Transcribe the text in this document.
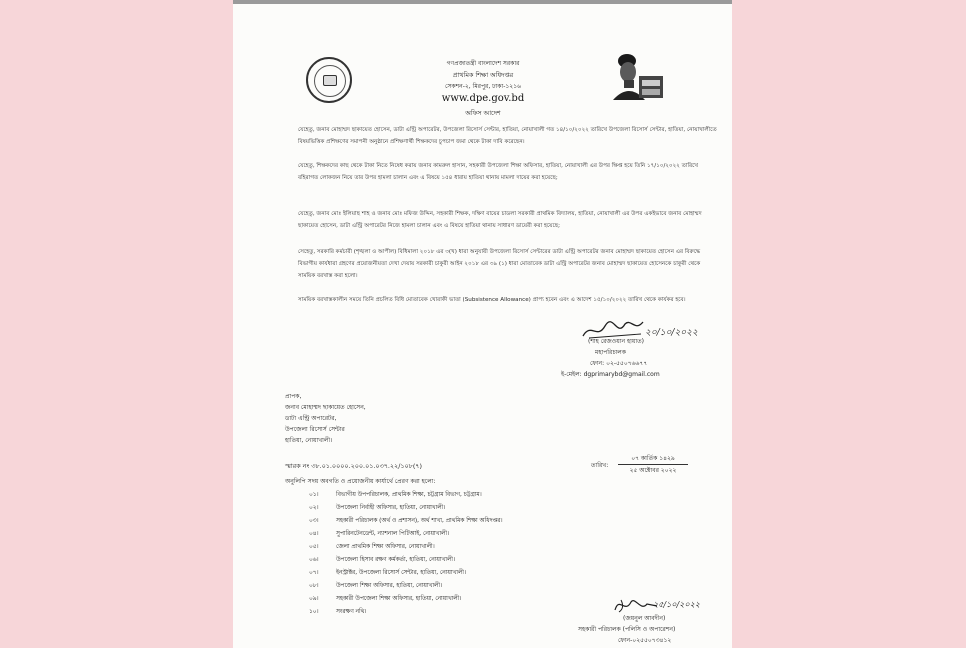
গণপ্রজাতন্ত্রী বাংলাদেশ সরকার
প্রাথমিক শিক্ষা অধিদপ্তর
সেকশন-২, মিরপুর, ঢাকা-১২১৬
www.dpe.gov.bd
অফিস আদেশ
যেহেতু, জনাব মোহাম্মদ ছাকায়েত হোসেন, ডাটা এন্ট্রি অপারেটর, উপজেলা রিসোর্স সেন্টার, হাতিয়া, নোয়াখালী গত ১৪/১০/২০২২ তারিখে উপজেলা রিসোর্স সেন্টার, হাতিয়া, নোয়াখালীতে বিষয়ভিত্তিক প্রশিক্ষণের সমাপনী অনুষ্ঠানে প্রশিক্ষণার্থী শিক্ষকদের চুপচাপ জমা থেকে টাকা দাবি করেছেন।
যেহেতু, শিক্ষকদের কাছ থেকে টাকা নিতে নিষেধ করায় জনাব কামরুল হাসান, সহকারী উপজেলা শিক্ষা অফিসার, হাতিয়া, নোয়াখালী এর উপর ক্ষিপ্ত হয়ে তিনি ১৭/১০/২০২২ তারিখে বহিরাগত লোকজন নিয়ে তার উপর হামলা চালান এবং এ বিষয়ে ১৫৪ ধারায় হাতিয়া থানায় মামলা দায়ের করা হয়েছে;
যেহেতু, জনাব মোঃ ইলিয়াছ শাহ ও জনাব মোঃ মফিজ উদ্দিন, সহকারী শিক্ষক, দক্ষিণ বায়ের চাডলা সরকারী প্রাথমিক বিদ্যালয়, হাতিয়া, নোয়াখালী এর উপর একইভাবে জনাব মোহাম্মদ ছাকায়েত হোসেন, ডাটা এন্ট্রি অপারেটর নিজে হামলা চালান এবং এ বিষয়ে হাতিয়া থানায় সাধারণ ডায়েরী করা হয়েছে;
সেহেতু, সরকারি কর্মচারী (শৃঙ্খলা ও আপীল) বিধিমালা ২০১৮ এর ৩(খ) ধারা অনুযায়ী উপজেলা রিসোর্স সেন্টারের ডাটা এন্ট্রি অপারেটর জনাব মোহাম্মদ ছাকায়েত হোসেন এর বিরুদ্ধে বিভাগীয় কার্যধারা গ্রহণের প্রয়োজনীয়তা দেখা দেয়ায় সরকারী চাকুরী আইন ২০১৮ এর ৩৯ (১) ধারা মোতাবেক ডাটা এন্ট্রি অপারেটর জনাব মোহাম্মদ ছাকায়েত হোসেনকে চাকুরী থেকে সাময়িক বরখাস্ত করা হলো।
সাময়িক বরখাস্তকালীন সময়ে তিনি প্রচলিত বিধি মোতাবেক খোরাকী ভাতা (Subsistence Allowance) প্রাপ্য হবেন এবং এ আদেশ ১৫/১০/২০২২ তারিখ থেকে কার্যকর হবে।
২০/১০/২০২২
(শাহ রেজওয়ান হায়াত)
মহাপরিচালক
ফোন: ০২-৫৫০৭৬৬৭৭
ই-মেইল: dgprimarybd@gmail.com
প্রাপক,
জনাব মোহাম্মদ ছাকায়েত হোসেন,
ডাটা এন্ট্রি অপারেটর,
উপজেলা রিসোর্স সেন্টার
হাতিয়া, নোয়াখালী।
স্মারক নং ৩৮.০১.০০০০.২০০.০১.০৩৭.২২/১০৮(৭)	তারিখ:
০৭ কার্তিক ১৪২৯
২৫ অক্টোবর ২০২২
অনুলিপি সদয় অবগতি ও প্রয়োজনীয় কার্যার্থে প্রেরণ করা হলো:
০১।	বিভাগীয় উপপরিচালক, প্রাথমিক শিক্ষা, চট্টগ্রাম বিভাগ, চট্টগ্রাম।
০২।	উপজেলা নির্বাহী অফিসার, হাতিয়া, নোয়াখালী।
০৩।	সহকারী পরিচালক (অর্থ ও প্রশাসন), অর্থ শাখা, প্রাথমিক শিক্ষা অধিদপ্তর।
০৪।	সুপারিনটেনডেন্ট, ন্যাশনাল পিটিআই, নোয়াখালী।
০৫।	জেলা প্রাথমিক শিক্ষা অফিসার, নোয়াখালী।
০৬।	উপজেলা হিসাব রক্ষণ কর্মকর্তা, হাতিয়া, নোয়াখালী।
০৭।	ইনস্ট্রাক্টর, উপজেলা রিসোর্স সেন্টার, হাতিয়া, নোয়াখালী।
০৮।	উপজেলা শিক্ষা অফিসার, হাতিয়া, নোয়াখালী।
০৯।	সহকারী উপজেলা শিক্ষা অফিসার, হাতিয়া, নোয়াখালী।
১০।	সংরক্ষণ নথি।
২৫/১০/২০২২
(জয়নুল আবদীন)
সহকারী পরিচালক (পলিসি ও অপারেশন)
ফোন-০২৫৫০৭৩৪১২
